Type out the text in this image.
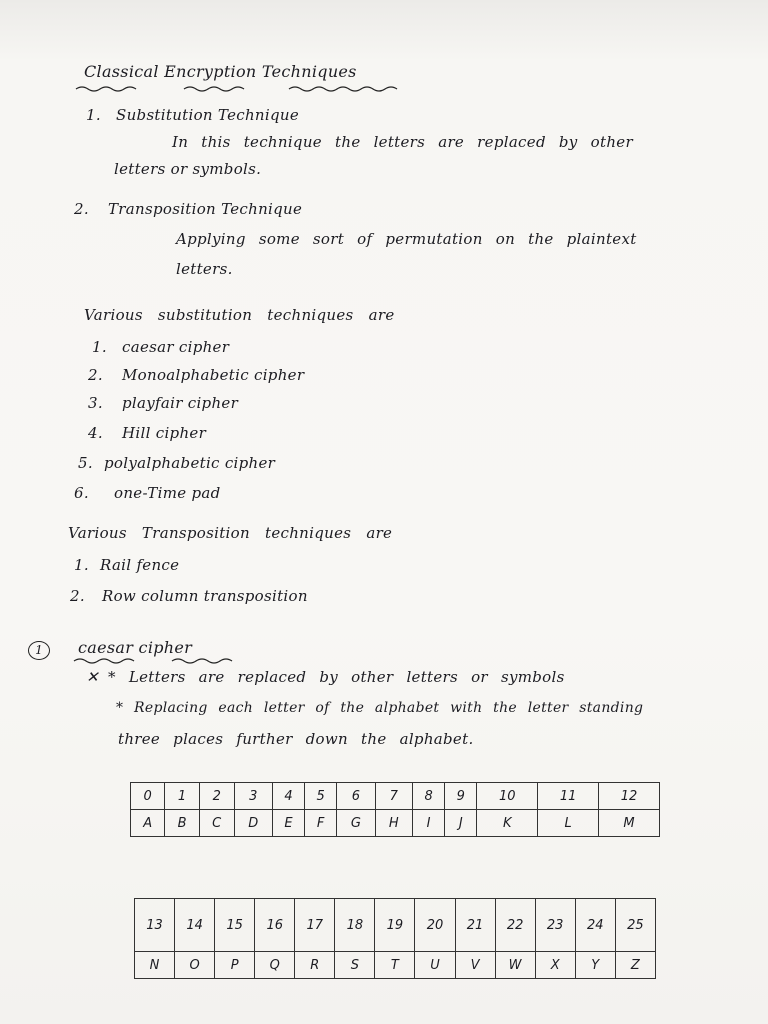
Classical Encryption Techniques
1. Substitution Technique
In this technique the letters are replaced by other
letters or symbols.
2. Transposition Technique
Applying some sort of permutation on the plaintext
letters.
Various substitution techniques are
1. caesar cipher
2. Monoalphabetic cipher
3. playfair cipher
4. Hill cipher
5. polyalphabetic cipher
6. one-Time pad
Various Transposition techniques are
1. Rail fence
2. Row column transposition
1	caesar cipher
✕ * Letters are replaced by other letters or symbols
* Replacing each letter of the alphabet with the letter standing
three places further down the alphabet.
0	1	2	3	4	5	6	7	8	9	10	11	12
A	B	C	D	E	F	G	H	I	J	K	L	M
13	14	15	16	17	18	19	20	21	22	23	24	25
N	O	P	Q	R	S	T	U	V	W	X	Y	Z
